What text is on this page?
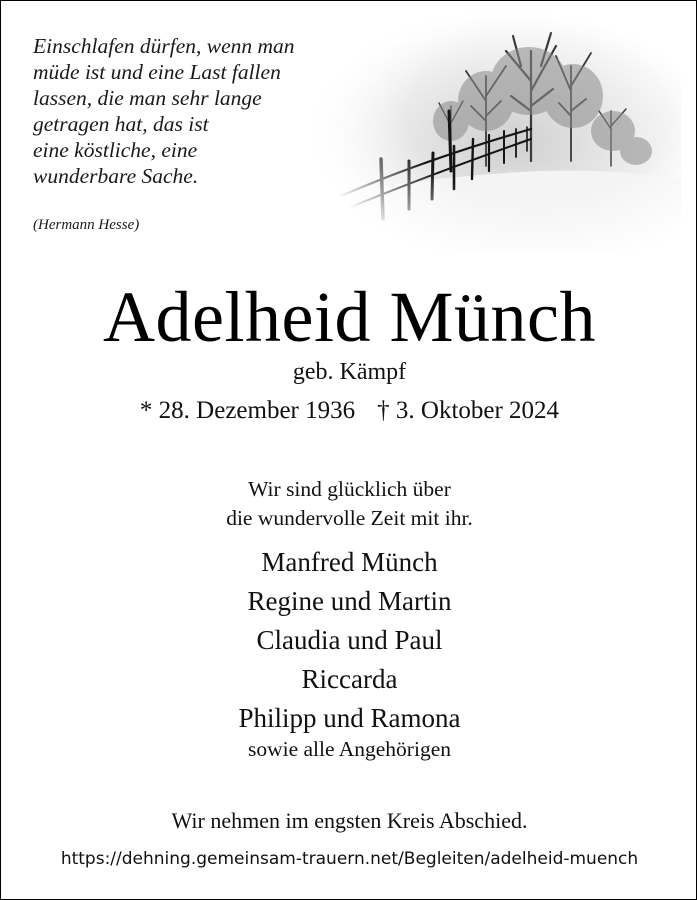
Einschlafen dürfen, wenn man
müde ist und eine Last fallen
lassen, die man sehr lange
getragen hat, das ist
eine köstliche, eine
wunderbare Sache.
(Hermann Hesse)
Adelheid Münch
geb. Kämpf
* 28. Dezember 1936 † 3. Oktober 2024
Wir sind glücklich über
die wundervolle Zeit mit ihr.
Manfred Münch
Regine und Martin
Claudia und Paul
Riccarda
Philipp und Ramona
sowie alle Angehörigen
Wir nehmen im engsten Kreis Abschied.
https://dehning.gemeinsam-trauern.net/Begleiten/adelheid-muench
